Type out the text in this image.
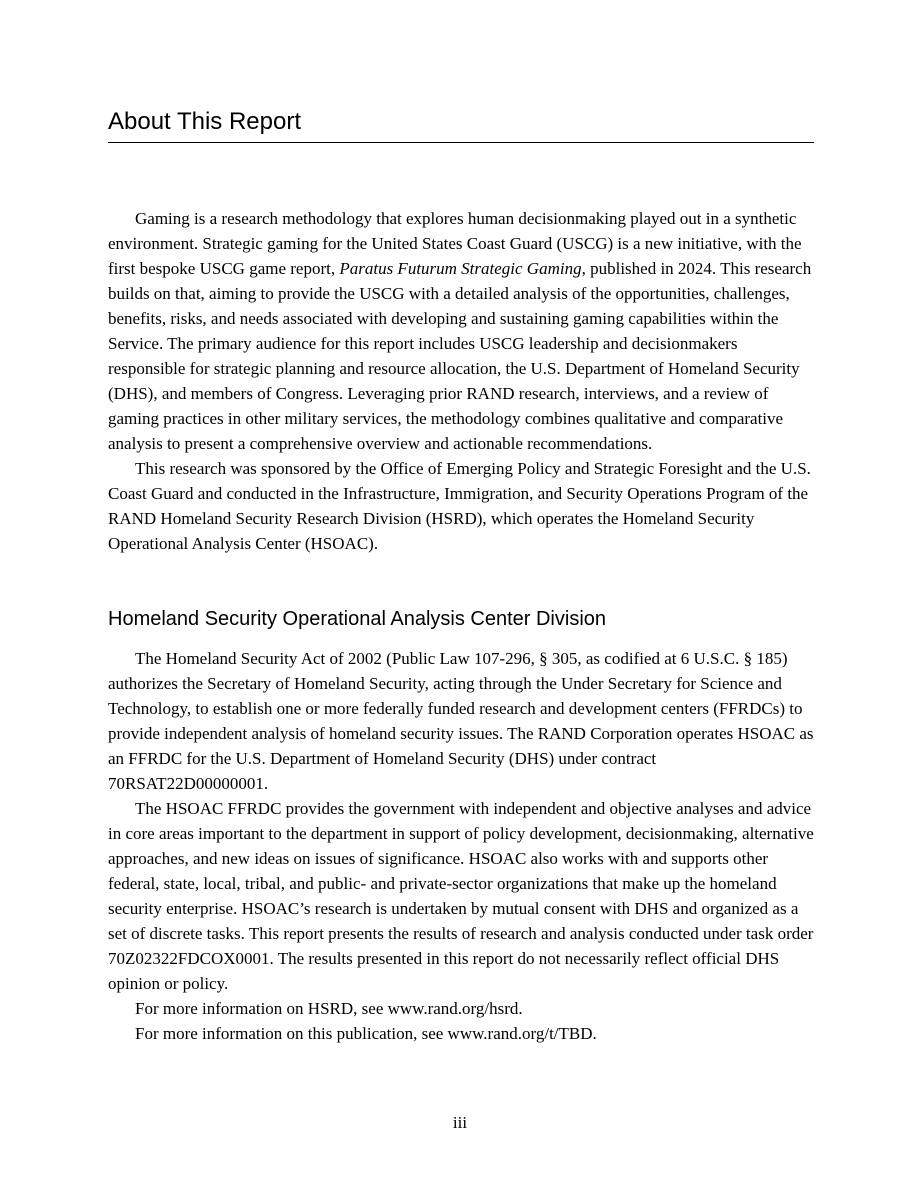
About This Report

Gaming is a research methodology that explores human decisionmaking played out in a synthetic environment. Strategic gaming for the United States Coast Guard (USCG) is a new initiative, with the first bespoke USCG game report, Paratus Futurum Strategic Gaming, published in 2024. This research builds on that, aiming to provide the USCG with a detailed analysis of the opportunities, challenges, benefits, risks, and needs associated with developing and sustaining gaming capabilities within the Service. The primary audience for this report includes USCG leadership and decisionmakers responsible for strategic planning and resource allocation, the U.S. Department of Homeland Security (DHS), and members of Congress. Leveraging prior RAND research, interviews, and a review of gaming practices in other military services, the methodology combines qualitative and comparative analysis to present a comprehensive overview and actionable recommendations.

This research was sponsored by the Office of Emerging Policy and Strategic Foresight and the U.S. Coast Guard and conducted in the Infrastructure, Immigration, and Security Operations Program of the RAND Homeland Security Research Division (HSRD), which operates the Homeland Security Operational Analysis Center (HSOAC).

Homeland Security Operational Analysis Center Division

The Homeland Security Act of 2002 (Public Law 107-296, § 305, as codified at 6 U.S.C. § 185) authorizes the Secretary of Homeland Security, acting through the Under Secretary for Science and Technology, to establish one or more federally funded research and development centers (FFRDCs) to provide independent analysis of homeland security issues. The RAND Corporation operates HSOAC as an FFRDC for the U.S. Department of Homeland Security (DHS) under contract 70RSAT22D00000001.

The HSOAC FFRDC provides the government with independent and objective analyses and advice in core areas important to the department in support of policy development, decisionmaking, alternative approaches, and new ideas on issues of significance. HSOAC also works with and supports other federal, state, local, tribal, and public- and private-sector organizations that make up the homeland security enterprise. HSOAC’s research is undertaken by mutual consent with DHS and organized as a set of discrete tasks. This report presents the results of research and analysis conducted under task order 70Z02322FDCOX0001. The results presented in this report do not necessarily reflect official DHS opinion or policy.

For more information on HSRD, see www.rand.org/hsrd.

For more information on this publication, see www.rand.org/t/TBD.

iii
